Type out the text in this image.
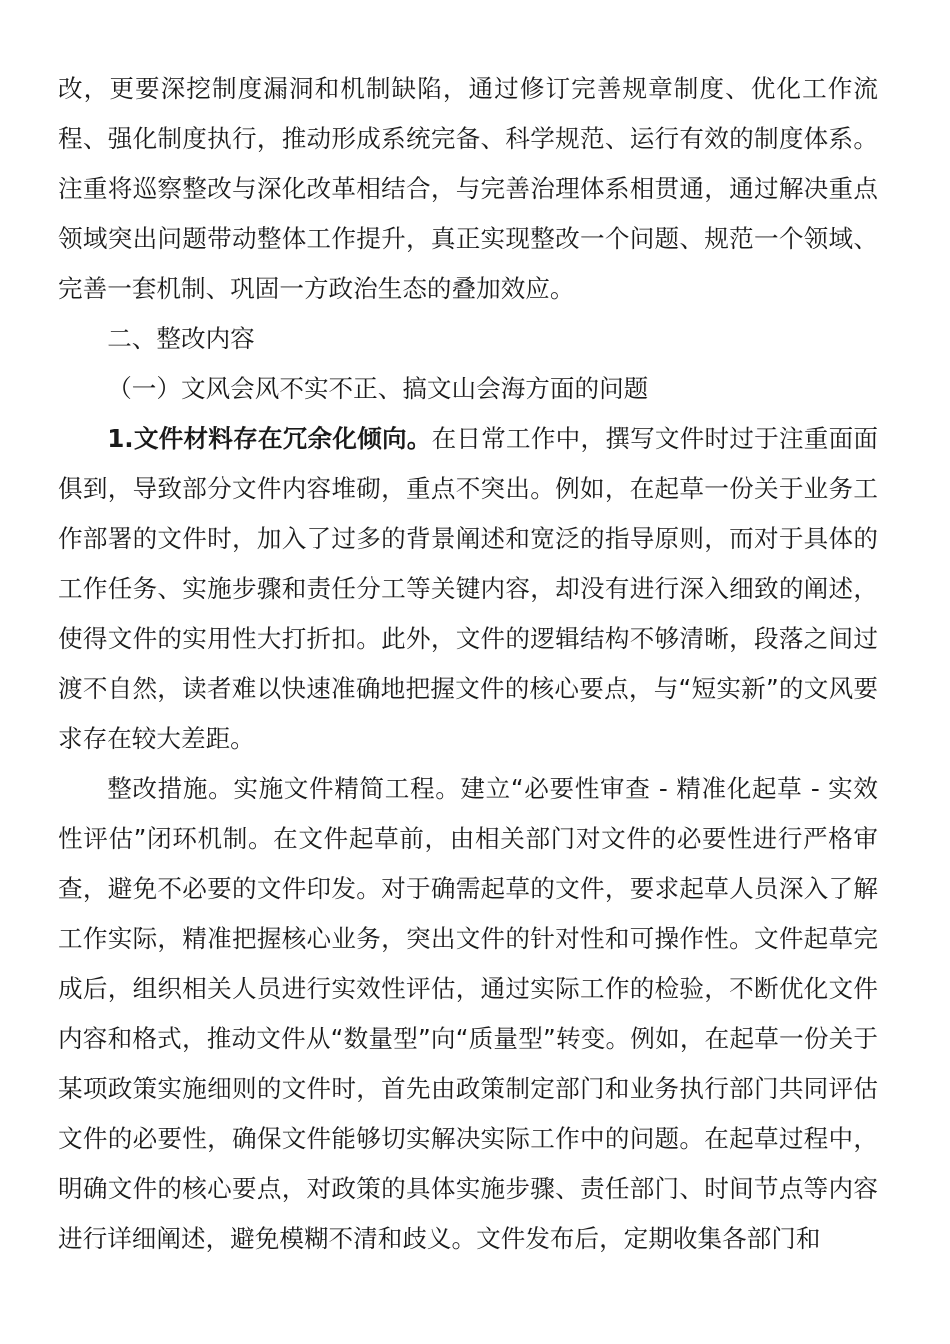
改，更要深挖制度漏洞和机制缺陷，通过修订完善规章制度、优化工作流程、强化制度执行，推动形成系统完备、科学规范、运行有效的制度体系。注重将巡察整改与深化改革相结合，与完善治理体系相贯通，通过解决重点领域突出问题带动整体工作提升，真正实现整改一个问题、规范一个领域、完善一套机制、巩固一方政治生态的叠加效应。

二、整改内容

（一）文风会风不实不正、搞文山会海方面的问题

1.文件材料存在冗余化倾向。在日常工作中，撰写文件时过于注重面面俱到，导致部分文件内容堆砌，重点不突出。例如，在起草一份关于业务工作部署的文件时，加入了过多的背景阐述和宽泛的指导原则，而对于具体的工作任务、实施步骤和责任分工等关键内容，却没有进行深入细致的阐述，使得文件的实用性大打折扣。此外，文件的逻辑结构不够清晰，段落之间过渡不自然，读者难以快速准确地把握文件的核心要点，与“短实新”的文风要求存在较大差距。

整改措施。实施文件精简工程。建立“必要性审查 - 精准化起草 - 实效性评估”闭环机制。在文件起草前，由相关部门对文件的必要性进行严格审查，避免不必要的文件印发。对于确需起草的文件，要求起草人员深入了解工作实际，精准把握核心业务，突出文件的针对性和可操作性。文件起草完成后，组织相关人员进行实效性评估，通过实际工作的检验，不断优化文件内容和格式，推动文件从“数量型”向“质量型”转变。例如，在起草一份关于某项政策实施细则的文件时，首先由政策制定部门和业务执行部门共同评估文件的必要性，确保文件能够切实解决实际工作中的问题。在起草过程中，明确文件的核心要点，对政策的具体实施步骤、责任部门、时间节点等内容进行详细阐述，避免模糊不清和歧义。文件发布后，定期收集各部门和
